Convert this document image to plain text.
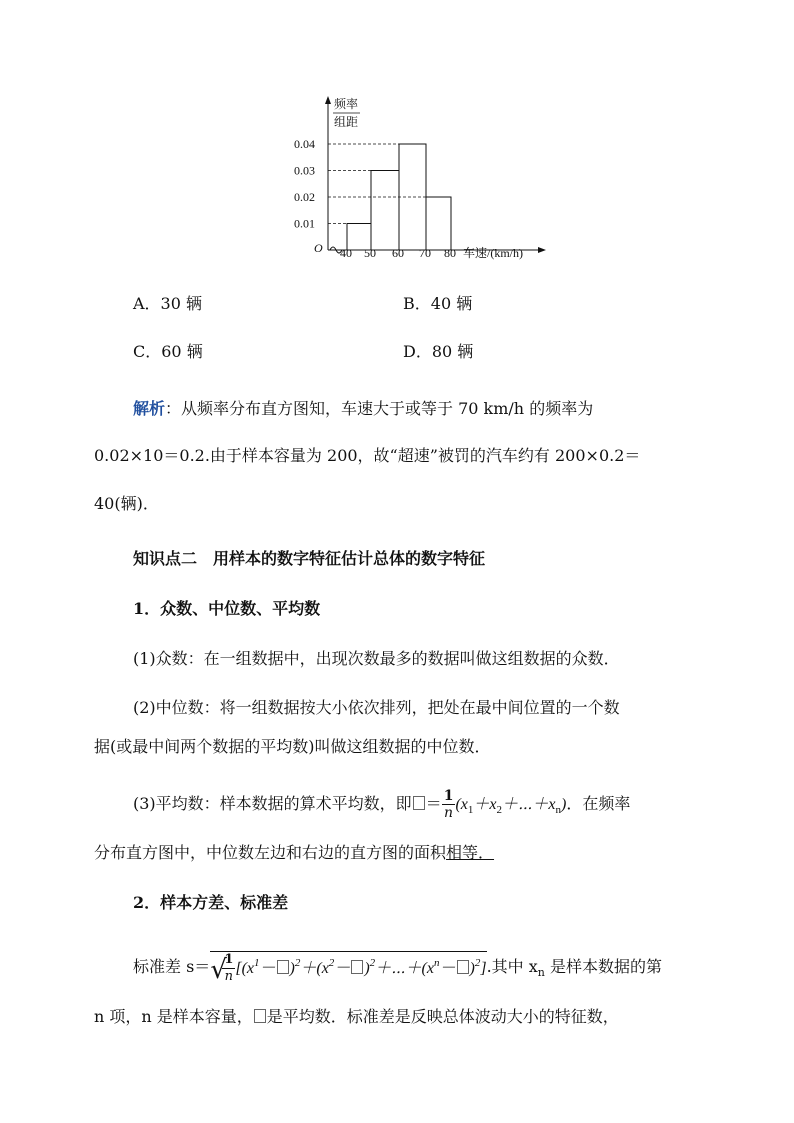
频率
组距
O	车速/(km/h)
0.04
0.03
0.02
0.01
40 50 60 70 80
A．30 辆	B．40 辆
C．60 辆	D．80 辆
解析：从频率分布直方图知，车速大于或等于 70 km/h 的频率为
0.02×10＝0.2.由于样本容量为 200，故“超速”被罚的汽车约有 200×0.2＝
40(辆)．
知识点二　用样本的数字特征估计总体的数字特征
1．众数、中位数、平均数
(1)众数：在一组数据中，出现次数最多的数据叫做这组数据的众数．
(2)中位数：将一组数据按大小依次排列，把处在最中间位置的一个数
据(或最中间两个数据的平均数)叫做这组数据的中位数．
(3)平均数：样本数据的算术平均数，即 ＝ $\frac{1}{n}$ $(x_1+x_2+\cdots+x_n)$．在频率
分布直方图中，中位数左边和右边的直方图的面积相等．
2．样本方差、标准差
标准差 s＝ √
$\frac{1}{n} [(x^1- )^2+(x^2-$ )$^2+\cdots+(x^n- )^2$].其中 $x_n$ 是样本数据的第
n 项，n 是样本容量， 是平均数．标准差是反映总体波动大小的特征数，
